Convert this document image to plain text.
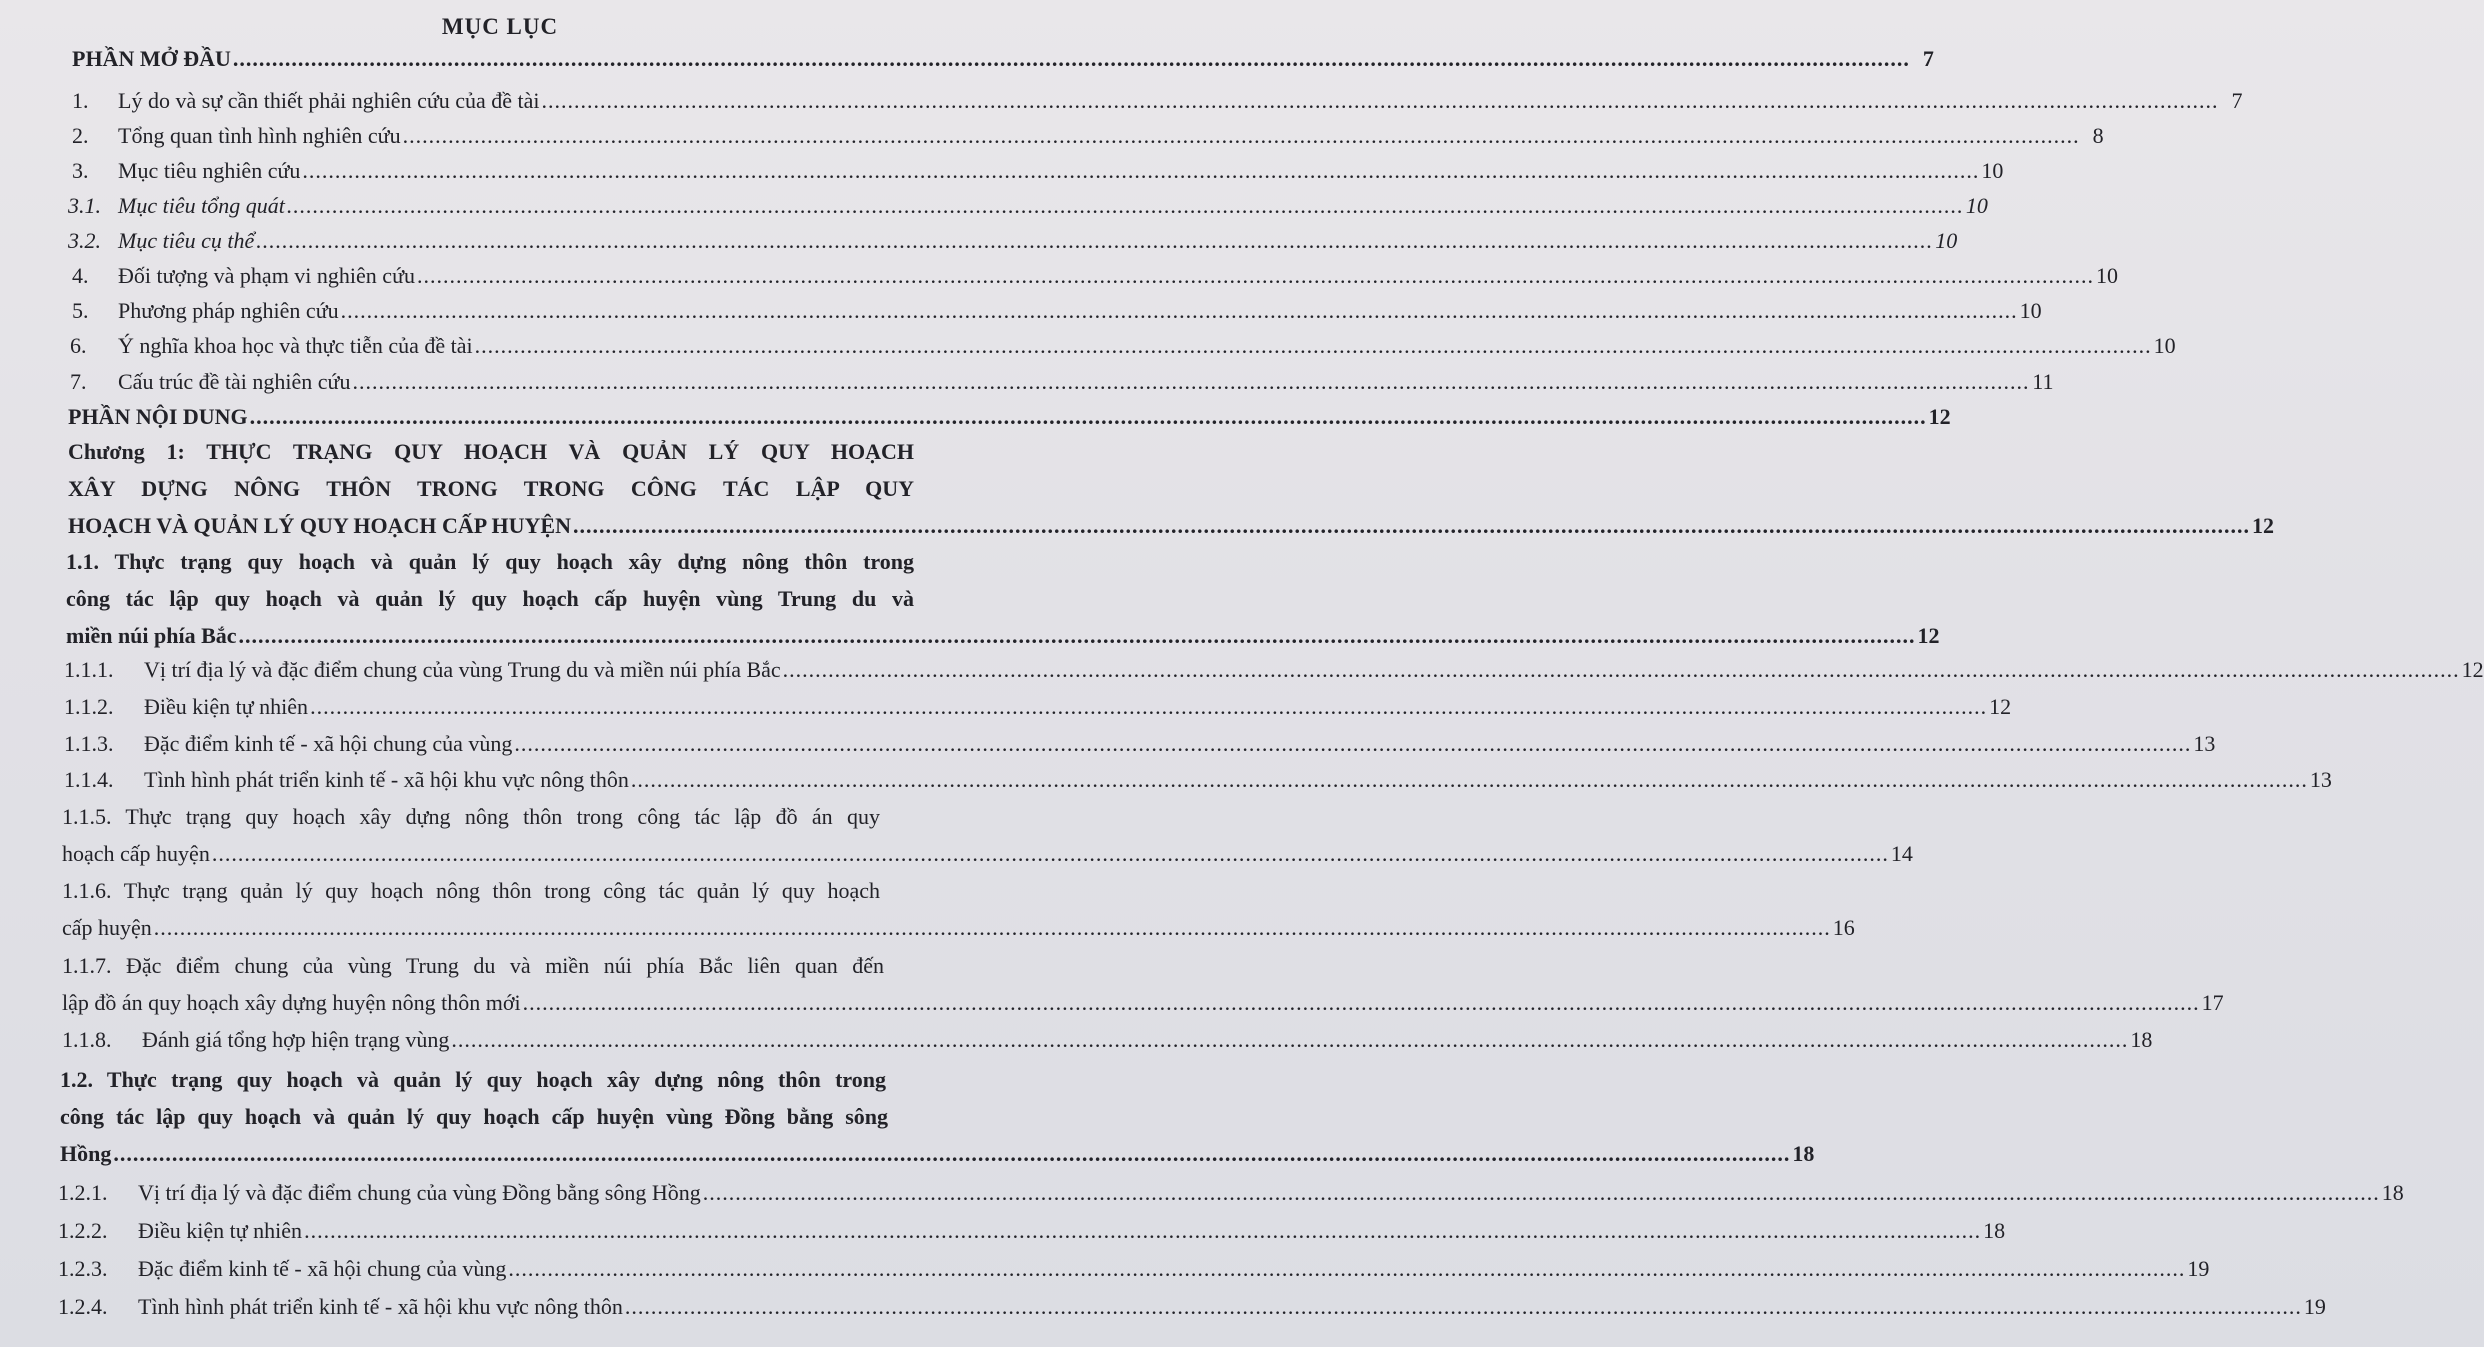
MỤC LỤC
PHẦN MỞ ĐẦU .....	7
1.	Lý do và sự cần thiết phải nghiên cứu của đề tài .....	7
2.	Tổng quan tình hình nghiên cứu .....	8
3.	Mục tiêu nghiên cứu .....	10
3.1. Mục tiêu tổng quát .....	10
3.2. Mục tiêu cụ thể .....	10
4.	Đối tượng và phạm vi nghiên cứu .....	10
5.	Phương pháp nghiên cứu .....	10
6.	Ý nghĩa khoa học và thực tiễn của đề tài .....	10
7.	Cấu trúc đề tài nghiên cứu .....	11
PHẦN NỘI DUNG .....	12
Chương 1: THỰC TRẠNG QUY HOẠCH VÀ QUẢN LÝ QUY HOẠCH
XÂY DỰNG NÔNG THÔN TRONG TRONG CÔNG TÁC LẬP QUY
HOẠCH VÀ QUẢN LÝ QUY HOẠCH CẤP HUYỆN .....	12
1.1. Thực trạng quy hoạch và quản lý quy hoạch xây dựng nông thôn trong
công tác lập quy hoạch và quản lý quy hoạch cấp huyện vùng Trung du và
miền núi phía Bắc .....	12
1.1.1.	Vị trí địa lý và đặc điểm chung của vùng Trung du và miền núi phía Bắc .....	12
1.1.2.	Điều kiện tự nhiên .....	12
1.1.3.	Đặc điểm kinh tế - xã hội chung của vùng .....	13
1.1.4.	Tình hình phát triển kinh tế - xã hội khu vực nông thôn .....	13
1.1.5. Thực trạng quy hoạch xây dựng nông thôn trong công tác lập đồ án quy
hoạch cấp huyện .....	14
1.1.6. Thực trạng quản lý quy hoạch nông thôn trong công tác quản lý quy hoạch
cấp huyện .....	16
1.1.7. Đặc điểm chung của vùng Trung du và miền núi phía Bắc liên quan đến
lập đồ án quy hoạch xây dựng huyện nông thôn mới .....	17
1.1.8.	Đánh giá tổng hợp hiện trạng vùng .....	18
1.2. Thực trạng quy hoạch và quản lý quy hoạch xây dựng nông thôn trong
công tác lập quy hoạch và quản lý quy hoạch cấp huyện vùng Đồng bằng sông
Hồng .....	18
1.2.1.	Vị trí địa lý và đặc điểm chung của vùng Đồng bằng sông Hồng .....	18
1.2.2.	Điều kiện tự nhiên .....	18
1.2.3.	Đặc điểm kinh tế - xã hội chung của vùng .....	19
1.2.4.	Tình hình phát triển kinh tế - xã hội khu vực nông thôn .....	19
